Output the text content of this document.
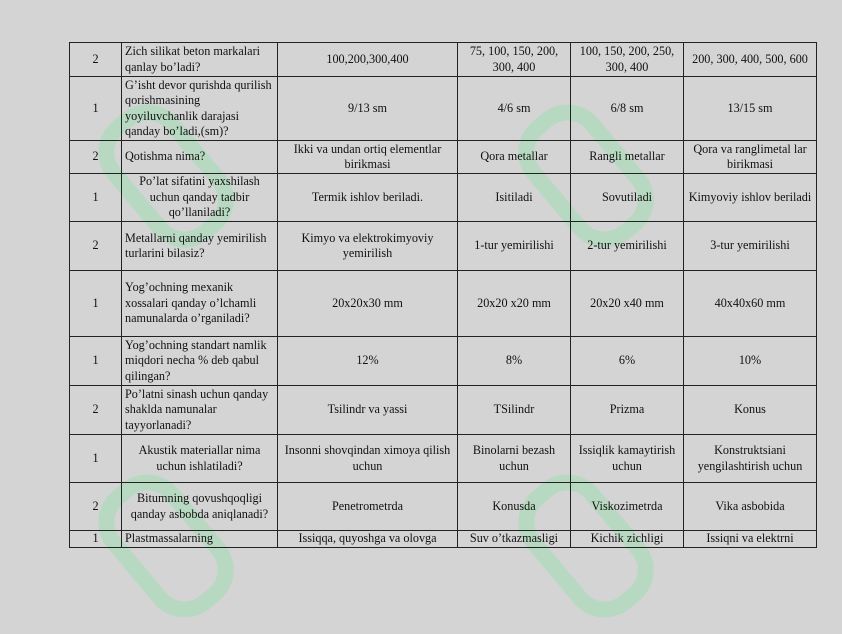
2	Zich silikat beton markalari qanlay bo’ladi?	100,200,300,400	75, 100, 150, 200, 300, 400	100, 150, 200, 250, 300, 400	200, 300, 400, 500, 600
1	G’isht devor qurishda qurilish qorishmasining yoyiluvchanlik darajasi qanday bo’ladi,(sm)?	9/13 sm	4/6 sm	6/8 sm	13/15 sm
2	Qotishma nima?	Ikki va undan ortiq elementlar birikmasi	Qora metallar	Rangli metallar	Qora va ranglimetal lar birikmasi
1	Po’lat sifatini yaxshilash uchun qanday tadbir qo’llaniladi?	Termik ishlov beriladi.	Isitiladi	Sovutiladi	Kimyoviy ishlov beriladi
2	Metallarni qanday yemirilish turlarini bilasiz?	Kimyo va elektrokimyoviy yemirilish	1-tur yemirilishi	2-tur yemirilishi	3-tur yemirilishi
1	Yog’ochning mexanik xossalari qanday o’lchamli namunalarda o’rganiladi?	20x20x30 mm	20x20 x20 mm	20x20 x40 mm	40x40x60 mm
1	Yog’ochning standart namlik miqdori necha % deb qabul qilingan?	12%	8%	6%	10%
2	Po’latni sinash uchun qanday shaklda namunalar tayyorlanadi?	Tsilindr va yassi	TSilindr	Prizma	Konus
1	Akustik materiallar nima uchun ishlatiladi?	Insonni shovqindan ximoya qilish uchun	Binolarni bezash uchun	Issiqlik kamaytirish uchun	Konstruktsiani yengilashtirish uchun
2	Bitumning qovushqoqligi qanday asbobda aniqlanadi?	Penetrometrda	Konusda	Viskozimetrda	Vika asbobida
1	Plastmassalarning	Issiqqa, quyoshga va olovga	Suv o’tkazmasligi	Kichik zichligi	Issiqni va elektrni
